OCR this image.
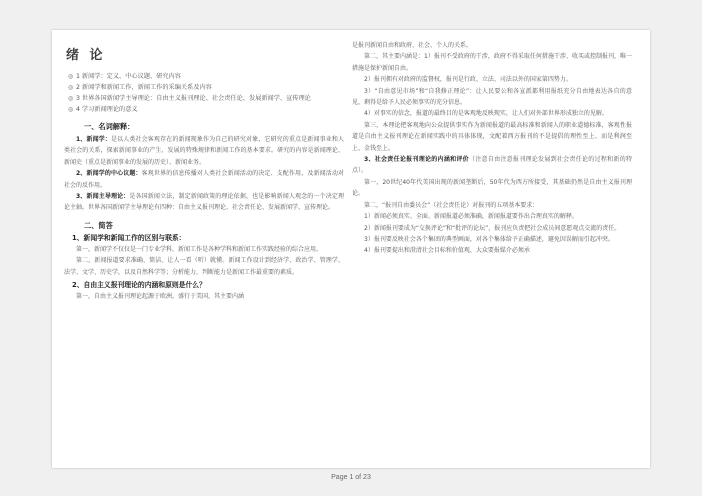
绪 论
◎ 1 新闻学：定义、中心议题、研究内容
◎ 2 新闻学和新闻工作，新闻工作的采编关系及内容
◎ 3 世界各国新闻学主导理论：自由主义报刊理论、社会责任论、发展新闻学、宣传理论
◎ 4 学习新闻理论的意义
一、名词解释：

1、新闻学：是以人类社会客观存在的新闻现象作为自己的研究对象，它研究的重点是新闻事业和人类社会的关系，探索新闻事业的产生、发展的特殊规律和新闻工作的基本要求。研究的内容是新闻理论、新闻史（重点是新闻事业的发展的历史）、新闻业务。

2、新闻学的中心议题：客观世界的信息传播对人类社会新闻活动的决定、支配作用，及新闻活动对社会的反作用。

3、新闻主导理论：是各国新闻立法，制定新闻政策的理论依据，也是影响新闻人观念的一个决定理论主轴。世界各国新闻学主导理论有四种：自由主义报刊理论、社会责任论、发展新闻学、宣传理论。

二、简答
1、新闻学和新闻工作的区别与联系：

第一，新闻学不仅仅是一门专业学科，新闻工作是各种学科和新闻工作实践经验的综合应用。

第二，新闻报道要求准确、简洁、让人一看（听）就懂。新闻工作设计到经济学、政治学、管理学、法学、文学、历史学，以及自然科学等；分析能力，判断能力是新闻工作最重要的素质。

2、自由主义报刊理论的内涵和原则是什么？

第一，自由主义报刊理论起源于欧洲，盛行于美国，其主要内涵

是报刊新闻自由和政府、社会、个人的关系。

第二，其主要内涵是：1）报刊不受政府的干涉，政府不得采取任何措施干涉、收买或控制报刊，唯一措施是保护新闻自由。

2）报刊拥有对政府的监督权，报刊是行政、立法、司法以外的国家第四势力。

3）“自由意见市场”和“自我修正理论”：让人民要公和各宣派都利用报纸充分自由地表达各自的意见，剩得是给予人民必须事实的充分信息。

4）对事实的信念，报道的最终目的是客观地反映现实，让人们对外部世界形成独立的见解。

第三，本理论把客观地向公众提供事实作为新闻报道的最高标准和新闻人的职业道德标准，客观性报道是自由主义报刊理论在新闻实践中的具体体现，文配着西方报刊的不是提倡的理性至上、而是利润至上、金钱至上。

3、社会责任论报刊理论的内涵和评价（注意自由注意报刊理论发展到社会责任论的过程和新的特点）。

第一，20世纪40年代美国出现的新闻垄断后，50年代为西方所接受，其基础仍然是自由主义报刊理论。

第二，“报刊自由委员会”（社会责任论）对报刊的五项基本要求：

1）新闻必须真实、全面、新闻报道必须准确，新闻报道要作出合理真实的解释。

2）新闻报刊要成为“交换评论”和“批评的论坛”，报刊应负责把社会成员间意愿观点交流的责任。

3）报刊要反映社会各个集团的典型画面，对各个集体给予正确描述，避免因误解而引起冲突。

4）报刊要提出和澄清社会目标和价值观，大众要报媒介必须承

Page 1 of 23
